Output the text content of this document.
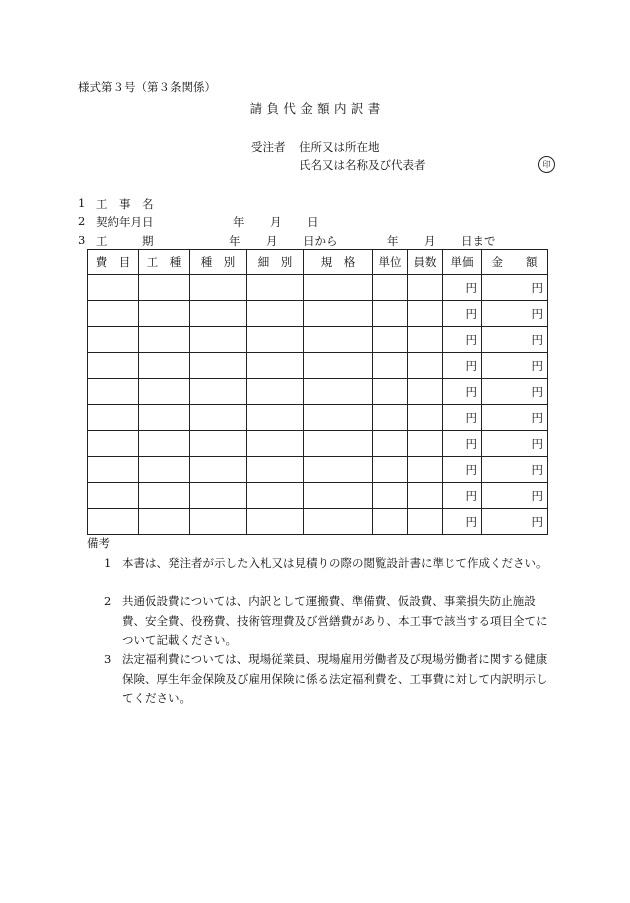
様式第３号（第３条関係）
請 負 代 金 額 内 訳 書
受注者 住所又は所在地
氏名又は名称及び代表者	印
1 工　事　名
2 契約年月日	年 月 日
3 工　　　期	年 月 日から	年 月 日まで
費　目	工　種	種　別	細　別	規　格	単位	員数	単価	金　　額
							円	円
							円	円
							円	円
							円	円
							円	円
							円	円
							円	円
							円	円
							円	円
							円	円
備考
1 本書は、発注者が示した入札又は見積りの際の閲覧設計書に準じて作成ください。
2 共通仮設費については、内訳として運搬費、準備費、仮設費、事業損失防止施設費、安全費、役務費、技術管理費及び営繕費があり、本工事で該当する項目全てについて記載ください。
3 法定福利費については、現場従業員、現場雇用労働者及び現場労働者に関する健康保険、厚生年金保険及び雇用保険に係る法定福利費を、工事費に対して内訳明示してください。
